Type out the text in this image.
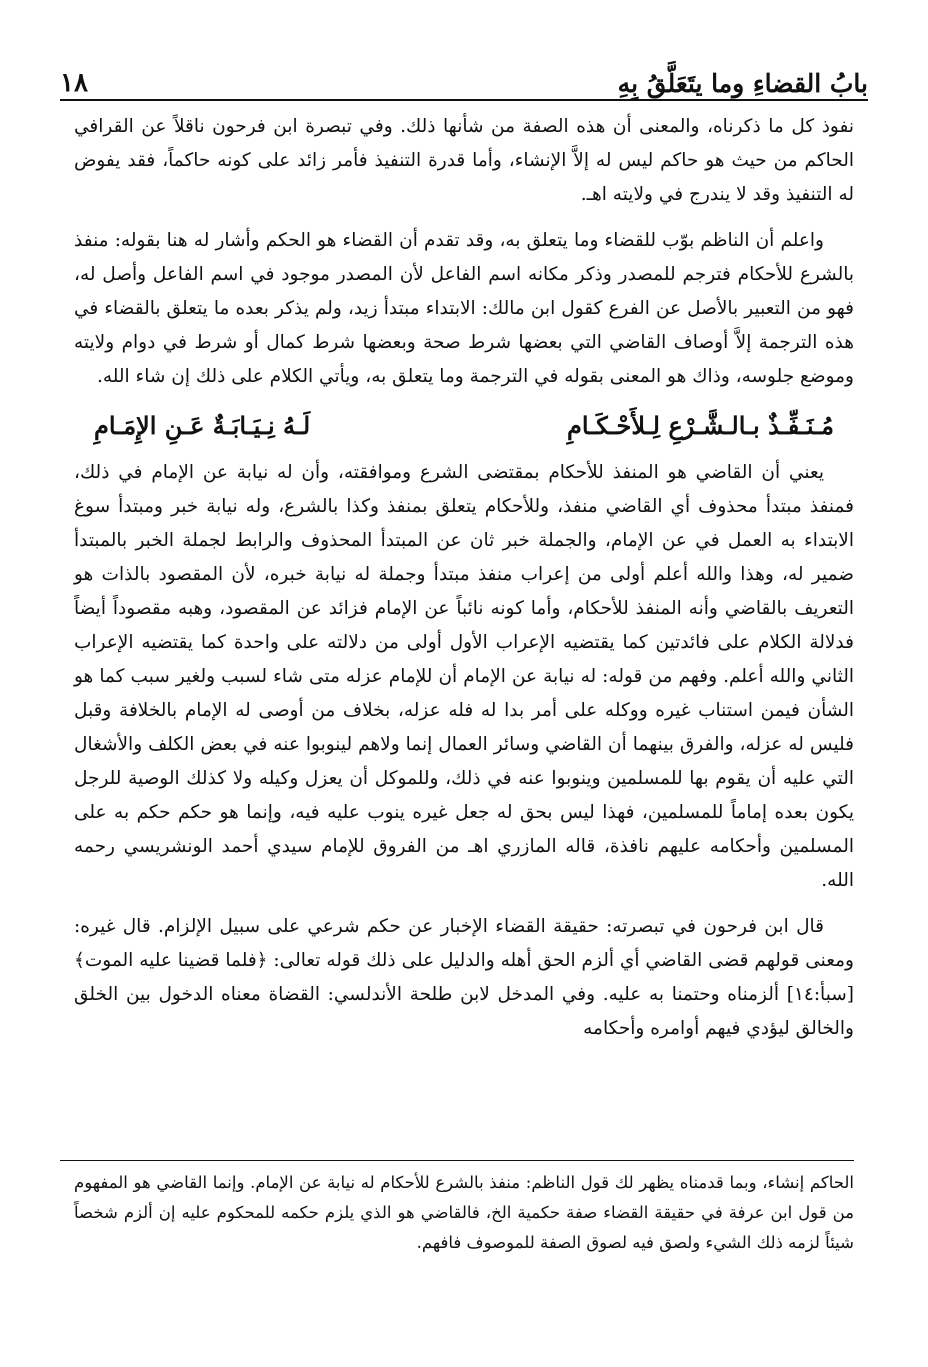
بابُ القضاءِ وما يتَعَلَّقُ بِهِ
١٨

نفوذ كل ما ذكرناه، والمعنى أن هذه الصفة من شأنها ذلك. وفي تبصرة ابن فرحون ناقلاً عن القرافي الحاكم من حيث هو حاكم ليس له إلاَّ الإنشاء، وأما قدرة التنفيذ فأمر زائد على كونه حاكماً، فقد يفوض له التنفيذ وقد لا يندرج في ولايته اهـ.

واعلم أن الناظم بوّب للقضاء وما يتعلق به، وقد تقدم أن القضاء هو الحكم وأشار له هنا بقوله: منفذ بالشرع للأحكام فترجم للمصدر وذكر مكانه اسم الفاعل لأن المصدر موجود في اسم الفاعل وأصل له، فهو من التعبير بالأصل عن الفرع كقول ابن مالك: الابتداء مبتدأ زيد، ولم يذكر بعده ما يتعلق بالقضاء في هذه الترجمة إلاَّ أوصاف القاضي التي بعضها شرط صحة وبعضها شرط كمال أو شرط في دوام ولايته وموضع جلوسه، وذاك هو المعنى بقوله في الترجمة وما يتعلق به، ويأتي الكلام على ذلك إن شاء الله.

مُـنَـفِّـذٌ بـالـشَّـرْعِ لِـلأَحْـكَـامِ
لَـهُ نِـيَـابَـةٌ عَـنِ الإِمَـامِ

يعني أن القاضي هو المنفذ للأحكام بمقتضى الشرع وموافقته، وأن له نيابة عن الإمام في ذلك، فمنفذ مبتدأ محذوف أي القاضي منفذ، وللأحكام يتعلق بمنفذ وكذا بالشرع، وله نيابة خبر ومبتدأ سوغ الابتداء به العمل في عن الإمام، والجملة خبر ثان عن المبتدأ المحذوف والرابط لجملة الخبر بالمبتدأ ضمير له، وهذا والله أعلم أولى من إعراب منفذ مبتدأ وجملة له نيابة خبره، لأن المقصود بالذات هو التعريف بالقاضي وأنه المنفذ للأحكام، وأما كونه نائباً عن الإمام فزائد عن المقصود، وهبه مقصوداً أيضاً فدلالة الكلام على فائدتين كما يقتضيه الإعراب الأول أولى من دلالته على واحدة كما يقتضيه الإعراب الثاني والله أعلم. وفهم من قوله: له نيابة عن الإمام أن للإمام عزله متى شاء لسبب ولغير سبب كما هو الشأن فيمن استناب غيره ووكله على أمر بدا له فله عزله، بخلاف من أوصى له الإمام بالخلافة وقبل فليس له عزله، والفرق بينهما أن القاضي وسائر العمال إنما ولاهم لينوبوا عنه في بعض الكلف والأشغال التي عليه أن يقوم بها للمسلمين وينوبوا عنه في ذلك، وللموكل أن يعزل وكيله ولا كذلك الوصية للرجل يكون بعده إماماً للمسلمين، فهذا ليس بحق له جعل غيره ينوب عليه فيه، وإنما هو حكم حكم به على المسلمين وأحكامه عليهم نافذة، قاله المازري اهـ من الفروق للإمام سيدي أحمد الونشريسي رحمه الله.

قال ابن فرحون في تبصرته: حقيقة القضاء الإخبار عن حكم شرعي على سبيل الإلزام. قال غيره: ومعنى قولهم قضى القاضي أي ألزم الحق أهله والدليل على ذلك قوله تعالى: ﴿فلما قضينا عليه الموت﴾ [سبأ:١٤] ألزمناه وحتمنا به عليه. وفي المدخل لابن طلحة الأندلسي: القضاة معناه الدخول بين الخلق والخالق ليؤدي فيهم أوامره وأحكامه

الحاكم إنشاء، وبما قدمناه يظهر لك قول الناظم: منفذ بالشرع للأحكام له نيابة عن الإمام. وإنما القاضي هو المفهوم من قول ابن عرفة في حقيقة القضاء صفة حكمية الخ، فالقاضي هو الذي يلزم حكمه للمحكوم عليه إن ألزم شخصاً شيئاً لزمه ذلك الشيء ولصق فيه لصوق الصفة للموصوف فافهم.
